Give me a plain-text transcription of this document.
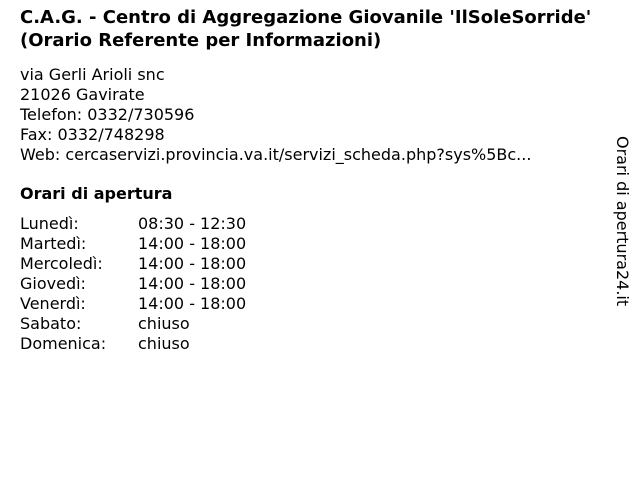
C.A.G. - Centro di Aggregazione Giovanile 'IlSoleSorride' (Orario Referente per Informazioni)
via Gerli Arioli snc
21026 Gavirate
Telefon: 0332/730596
Fax: 0332/748298
Web: cercaservizi.provincia.va.it/servizi_scheda.php?sys%5Bc...
Orari di apertura
Lunedì:	08:30 - 12:30
Martedì:	14:00 - 18:00
Mercoledì:	14:00 - 18:00
Giovedì:	14:00 - 18:00
Venerdì:	14:00 - 18:00
Sabato:	chiuso
Domenica:	chiuso
Orari di apertura24.it
